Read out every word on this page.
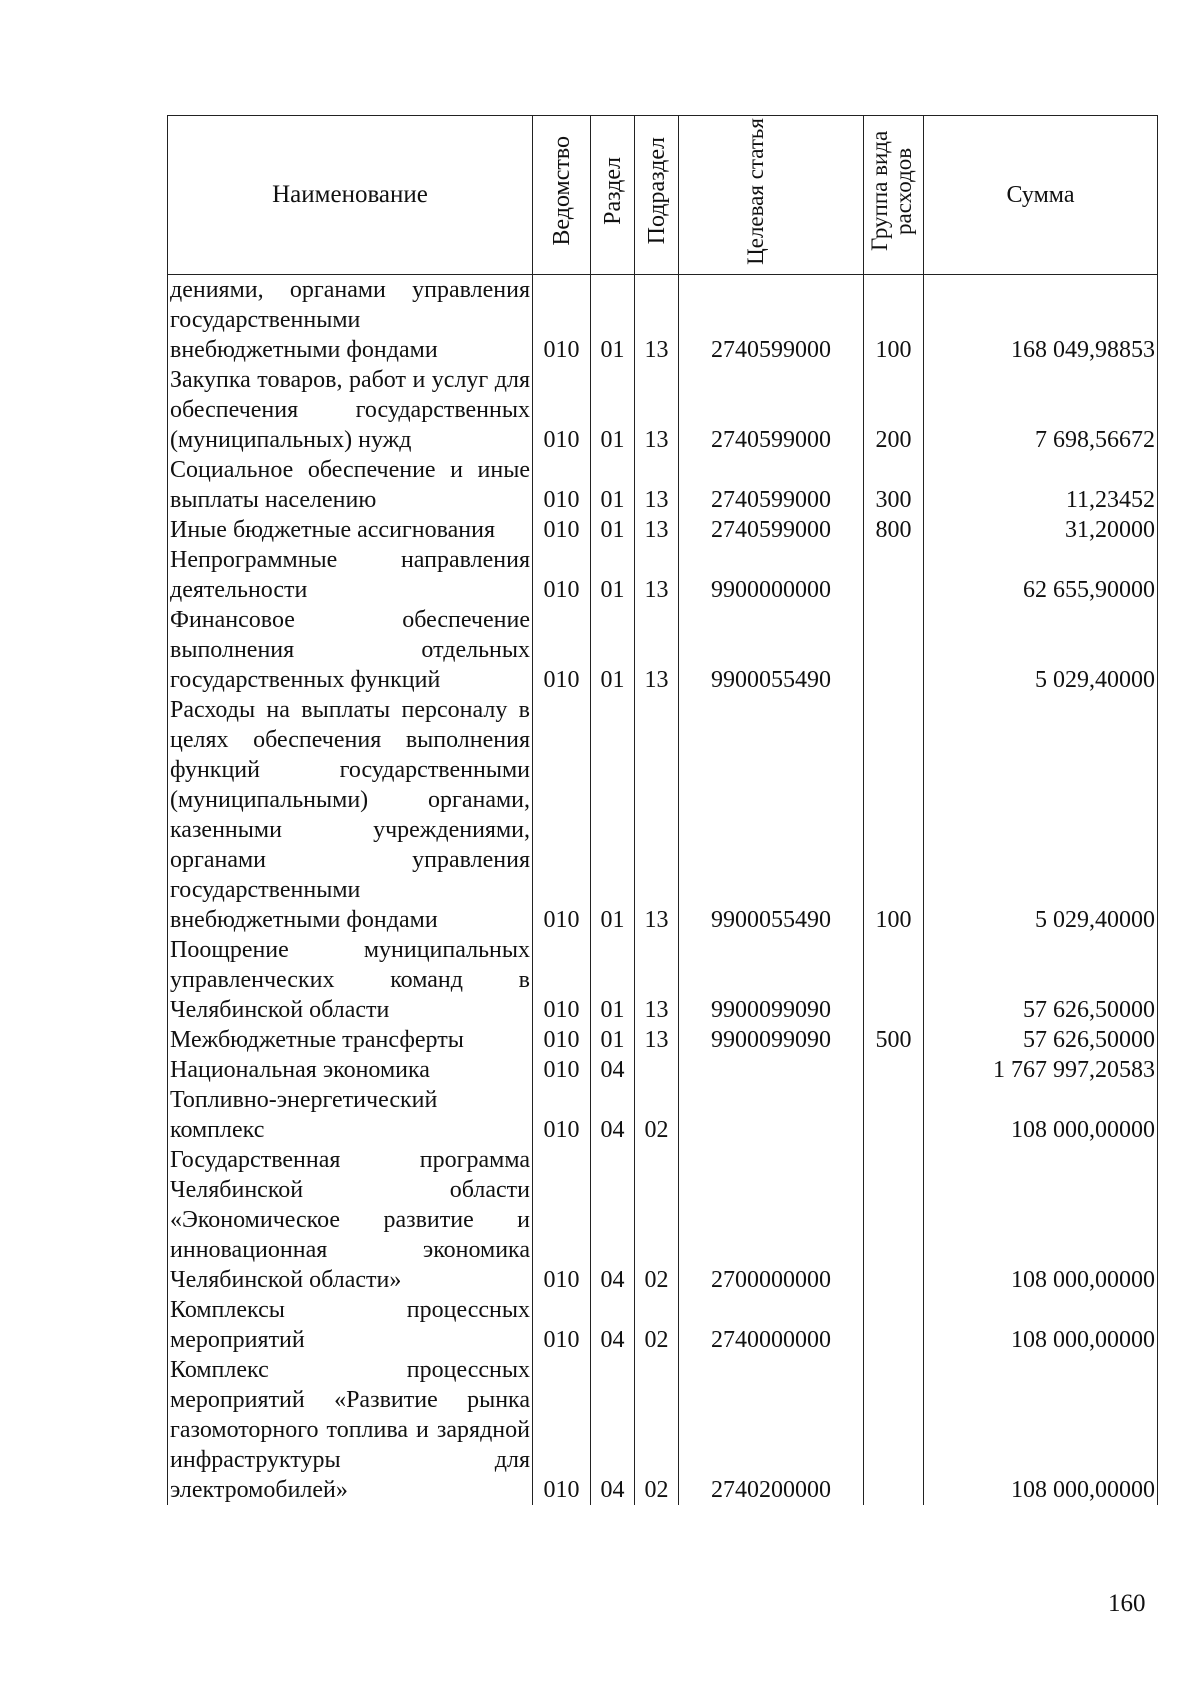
Наименование	Ведомство	Раздел	Подраздел	Целевая статья	Группа вида расходов	Сумма
дениями, органами управления государственными внебюджетными фондами	010	01	13	2740599000	100	168 049,98853
Закупка товаров, работ и услуг для обеспечения государственных (муниципальных) нужд	010	01	13	2740599000	200	7 698,56672
Социальное обеспечение и иные выплаты населению	010	01	13	2740599000	300	11,23452
Иные бюджетные ассигнования	010	01	13	2740599000	800	31,20000
Непрограммные направления деятельности	010	01	13	9900000000		62 655,90000
Финансовое обеспечение выполнения отдельных государственных функций	010	01	13	9900055490		5 029,40000
Расходы на выплаты персоналу в целях обеспечения выполнения функций государственными (муниципальными) органами, казенными учреждениями, органами управления государственными внебюджетными фондами	010	01	13	9900055490	100	5 029,40000
Поощрение муниципальных управленческих команд в Челябинской области	010	01	13	9900099090		57 626,50000
Межбюджетные трансферты	010	01	13	9900099090	500	57 626,50000
Национальная экономика	010	04				1 767 997,20583
Топливно-энергетический комплекс	010	04	02			108 000,00000
Государственная программа Челябинской области «Экономическое развитие и инновационная экономика Челябинской области»	010	04	02	2700000000		108 000,00000
Комплексы процессных мероприятий	010	04	02	2740000000		108 000,00000
Комплекс процессных мероприятий «Развитие рынка газомоторного топлива и зарядной инфраструктуры для электромобилей»	010	04	02	2740200000		108 000,00000
160
